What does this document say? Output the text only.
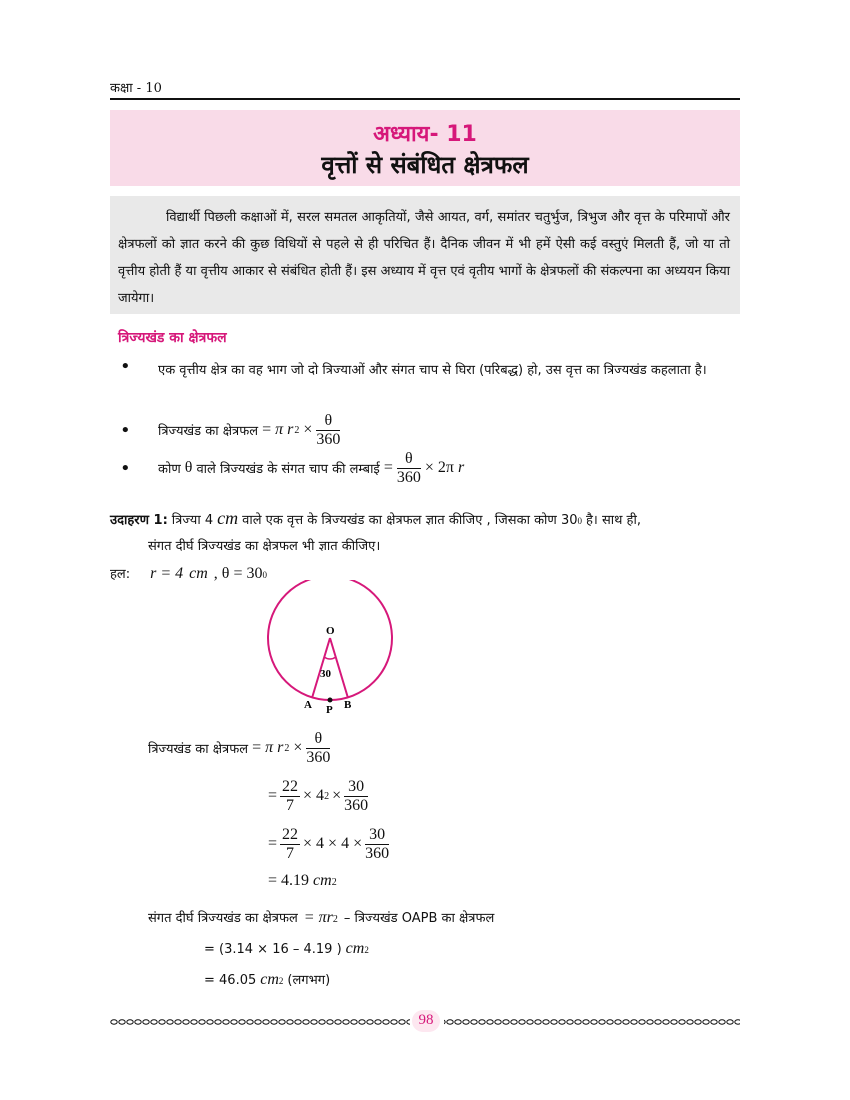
कक्षा - 10
अध्याय- 11
वृत्तों से संबंधित क्षेत्रफल
विद्यार्थी पिछली कक्षाओं में, सरल समतल आकृतियों, जैसे आयत, वर्ग, समांतर चतुर्भुज, त्रिभुज और वृत्त के परिमापों और क्षेत्रफलों को ज्ञात करने की कुछ विधियों से पहले से ही परिचित हैं। दैनिक जीवन में भी हमें ऐसी कई वस्तुएं मिलती हैं, जो या तो वृत्तीय होती हैं या वृत्तीय आकार से संबंधित होती हैं। इस अध्याय में वृत्त एवं वृतीय भागों के क्षेत्रफलों की संकल्पना का अध्ययन किया जायेगा।
त्रिज्यखंड का क्षेत्रफल
• एक वृत्तीय क्षेत्र का वह भाग जो दो त्रिज्याओं और संगत चाप से घिरा (परिबद्ध) हो, उस वृत्त का त्रिज्यखंड कहलाता है।
• त्रिज्यखंड का क्षेत्रफल = π r $2 \times \frac{\theta}{360}$
• कोण θ वाले त्रिज्यखंड के संगत चाप की लम्बाई = $\frac{\theta}{360} \times 2\pi$ r
उदाहरण 1: त्रिज्या 4 cm वाले एक वृत्त के त्रिज्यखंड का क्षेत्रफल ज्ञात कीजिए , जिसका कोण 30 0 है। साथ ही,
संगत दीर्घ त्रिज्यखंड का क्षेत्रफल भी ज्ञात कीजिए।
हल: r = 4 cm , θ = 30 0
O
30
A P B
त्रिज्यखंड का क्षेत्रफल = π r $2 \times \frac{\theta}{360}$
= $\frac{22}{7} \times 4$ $2 \times \frac{30}{360}$
= $\frac{22}{7} \times 4 \times 4 \times \frac{30}{360}$
= 4.19 cm 2
संगत दीर्घ त्रिज्यखंड का क्षेत्रफल = πr 2 – त्रिज्यखंड OAPB का क्षेत्रफल
= (3.14 × 16 – 4.19 ) cm 2
= 46.05 cm 2 (लगभग)
98
